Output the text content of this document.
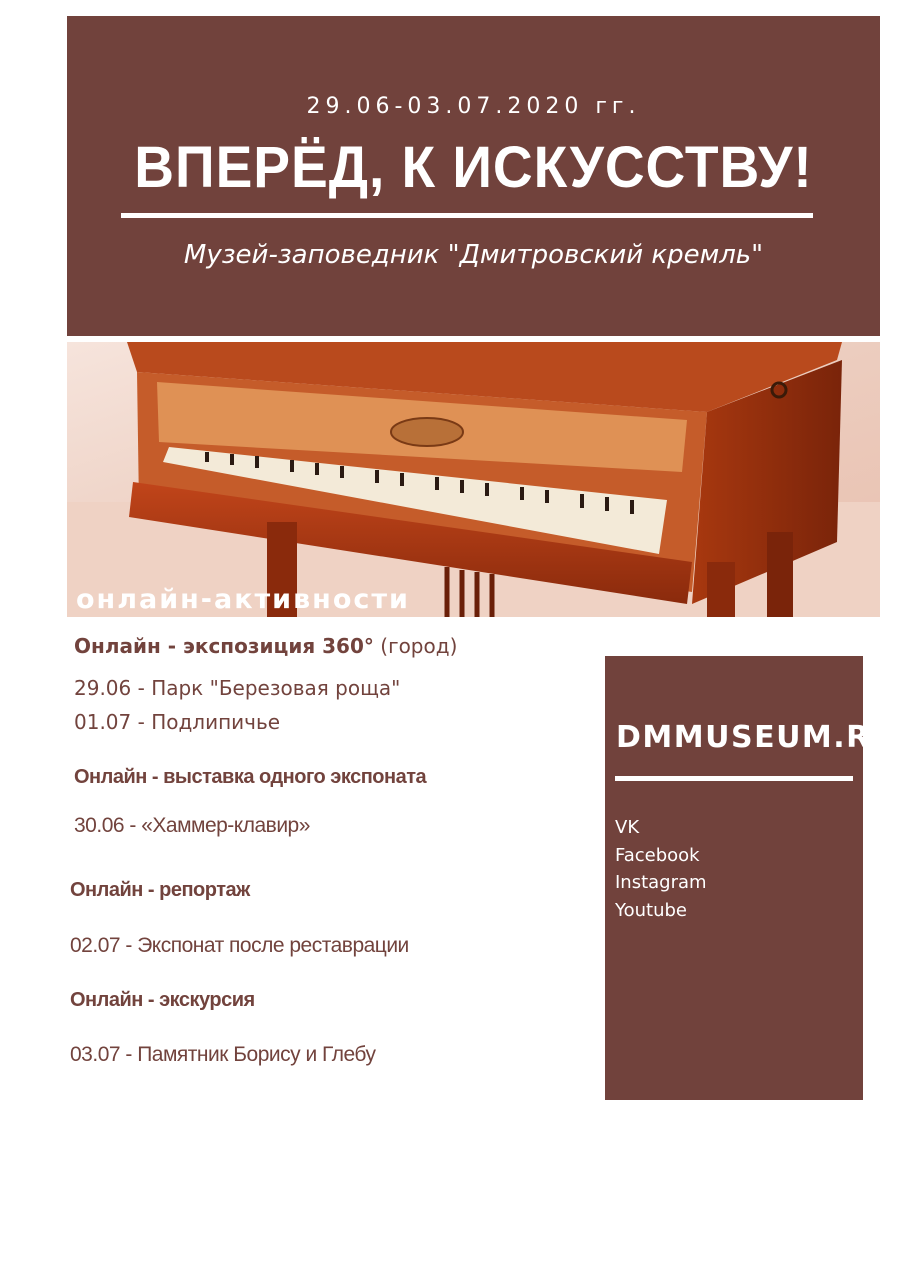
29.06-03.07.2020 гг.
ВПЕРЁД, К ИСКУССТВУ!
Музей-заповедник "Дмитровский кремль"
онлайн-активности
Онлайн - экспозиция 360° (город)
29.06 - Парк "Березовая роща"
01.07 - Подлипичье
Онлайн - выставка одного экспоната
30.06 - «Хаммер-клавир»
Онлайн - репортаж
02.07 - Экспонат после реставрации
Онлайн - экскурсия
03.07 - Памятник Борису и Глебу
DMMUSEUM.RU
VK
Facebook
Instagram
Youtube
